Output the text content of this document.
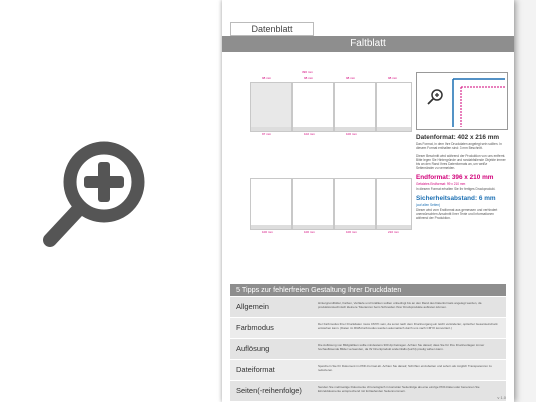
Datenblatt
Faltblatt
396 mm
98 mm	98 mm	98 mm	98 mm
97 mm	102 mm	100 mm
100 mm	100 mm	100 mm	210 mm

Datenformat: 402 x 216 mm

Das Format, in dem Ihre Druckdaten angelegt sein sollten. In diesem Format enthalten sind: 3 mm Beschnitt.

Dieser Beschnitt wird während der Produktion von uns entfernt. Bitte legen Sie Hintergründe und randabfallende Objekte immer bis an den Rand Ihres Datenformats an, um weiße Seitenränder zu vermeiden.

Endformat: 396 x 210 mm

Gefalztes Endformat: 99 x 210 mm

In diesem Format erhalten Sie Ihr fertiges Druckprodukt.

Sicherheitsabstand: 6 mm

(auf allen Seiten)

Dieser wird vom Endformat aus gemessen und verhindert unerwünschten Anschnitt Ihrer Texte und Informationen während der Produktion.

5 Tipps zur fehlerfreien Gestaltung Ihrer Druckdaten
Allgemein	Hintergrundbilder, Farben, Verläufe und Grafiken sollten unbedingt bis an den Rand des Datenformats angelegt werden, da produktionstechnisch kleinere Toleranzen beim Schneiden Ihrer Druckprodukte auftreten können.
Farbmodus	Der Farbmodus Ihrer Druckdaten muss CMYK sein, da sonst nach dem Druckvorgang ein leicht veränderter, optischer Gesamteindruck entstehen kann. (Daten im RGB-Farbmodus werden automatisch durch uns nach CMYK konvertiert.)
Auflösung	Die Auflösung von Bildgrafiken sollte mindestens 300 dpi betragen. Achten Sie darauf, dass Sie für Ihre Druckvorlagen immer hochauflösende Bilder verwenden, da Ihr Druckprodukt andernfalls (leicht) pixelig wirken kann.
Dateiformat	Speichern Sie Ihr Dokument im PDF-Format ab. Achten Sie darauf, Schriften einzubetten und sofern als möglich Transparenzen zu reduzieren.
Seiten(-reihenfolge)	Senden Sie mehrseitige Dokumente chronologisch in korrekter Seitenfolge als eine einzige PDF-Datei oder benennen Sie Einzeldokumente entsprechend mit fortlaufenden Seitennummern.
v 1.0
